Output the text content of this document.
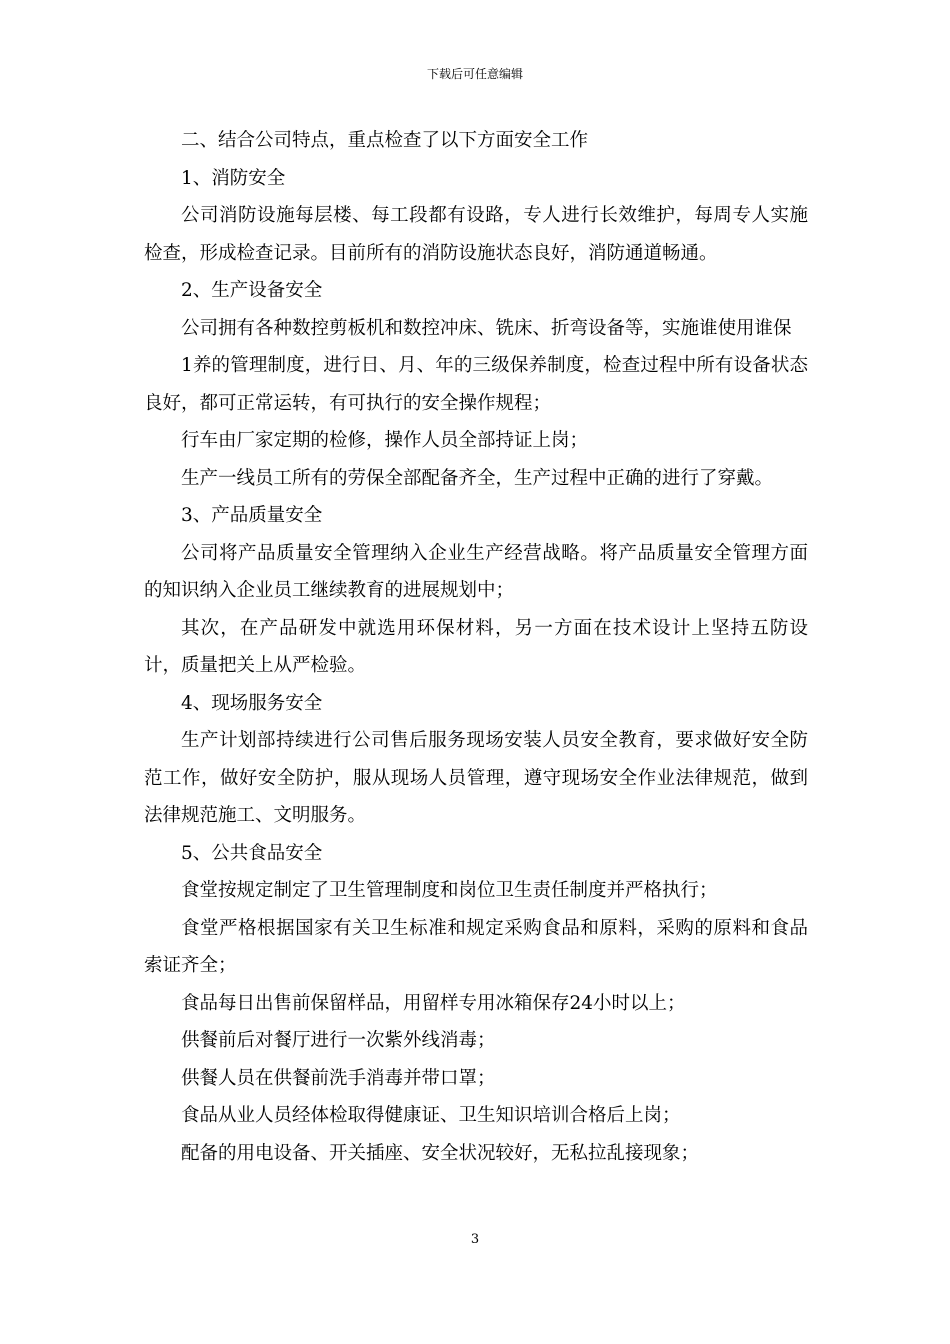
下载后可任意编辑

二、结合公司特点，重点检查了以下方面安全工作

1、消防安全

公司消防设施每层楼、每工段都有设路，专人进行长效维护，每周专人实施检查，形成检查记录。目前所有的消防设施状态良好，消防通道畅通。

2、生产设备安全

公司拥有各种数控剪板机和数控冲床、铣床、折弯设备等，实施谁使用谁保

1养的管理制度，进行日、月、年的三级保养制度，检查过程中所有设备状态良好，都可正常运转，有可执行的安全操作规程；

行车由厂家定期的检修，操作人员全部持证上岗；

生产一线员工所有的劳保全部配备齐全，生产过程中正确的进行了穿戴。

3、产品质量安全

公司将产品质量安全管理纳入企业生产经营战略。将产品质量安全管理方面的知识纳入企业员工继续教育的进展规划中；

其次，在产品研发中就选用环保材料，另一方面在技术设计上坚持五防设计，质量把关上从严检验。

4、现场服务安全

生产计划部持续进行公司售后服务现场安装人员安全教育，要求做好安全防范工作，做好安全防护，服从现场人员管理，遵守现场安全作业法律规范，做到法律规范施工、文明服务。

5、公共食品安全

食堂按规定制定了卫生管理制度和岗位卫生责任制度并严格执行；

食堂严格根据国家有关卫生标准和规定采购食品和原料，采购的原料和食品索证齐全；

食品每日出售前保留样品，用留样专用冰箱保存24小时以上；

供餐前后对餐厅进行一次紫外线消毒；

供餐人员在供餐前洗手消毒并带口罩；

食品从业人员经体检取得健康证、卫生知识培训合格后上岗；

配备的用电设备、开关插座、安全状况较好，无私拉乱接现象；

3
